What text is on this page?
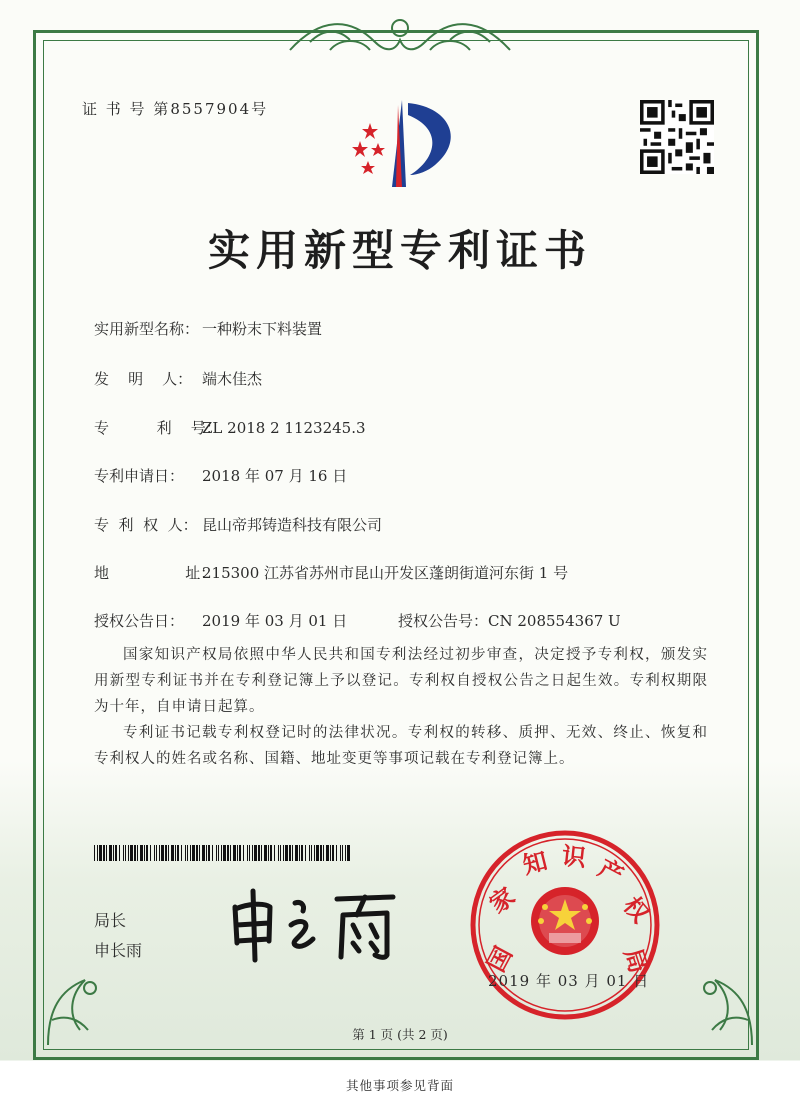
证 书 号 第8557904号
实用新型专利证书
实用新型名称： 一种粉末下料装置
发    明    人： 端木佳杰
专          利    号：ZL 2018 2 1123245.3
专利申请日： 2018 年 07 月 16 日
专  利  权  人： 昆山帝邦铸造科技有限公司
地                址：215300 江苏省苏州市昆山开发区蓬朗街道河东街 1 号
授权公告日： 2019 年 03 月 01 日	授权公告号：CN 208554367 U

国家知识产权局依照中华人民共和国专利法经过初步审查，决定授予专利权，颁发实用新型专利证书并在专利登记簿上予以登记。专利权自授权公告之日起生效。专利权期限为十年，自申请日起算。

专利证书记载专利权登记时的法律状况。专利权的转移、质押、无效、终止、恢复和专利权人的姓名或名称、国籍、地址变更等事项记载在专利登记簿上。

局长
申长雨	国
家
知 识 产
权
局
2019 年 03 月 01 日
第 1 页 (共 2 页)
其他事项参见背面
